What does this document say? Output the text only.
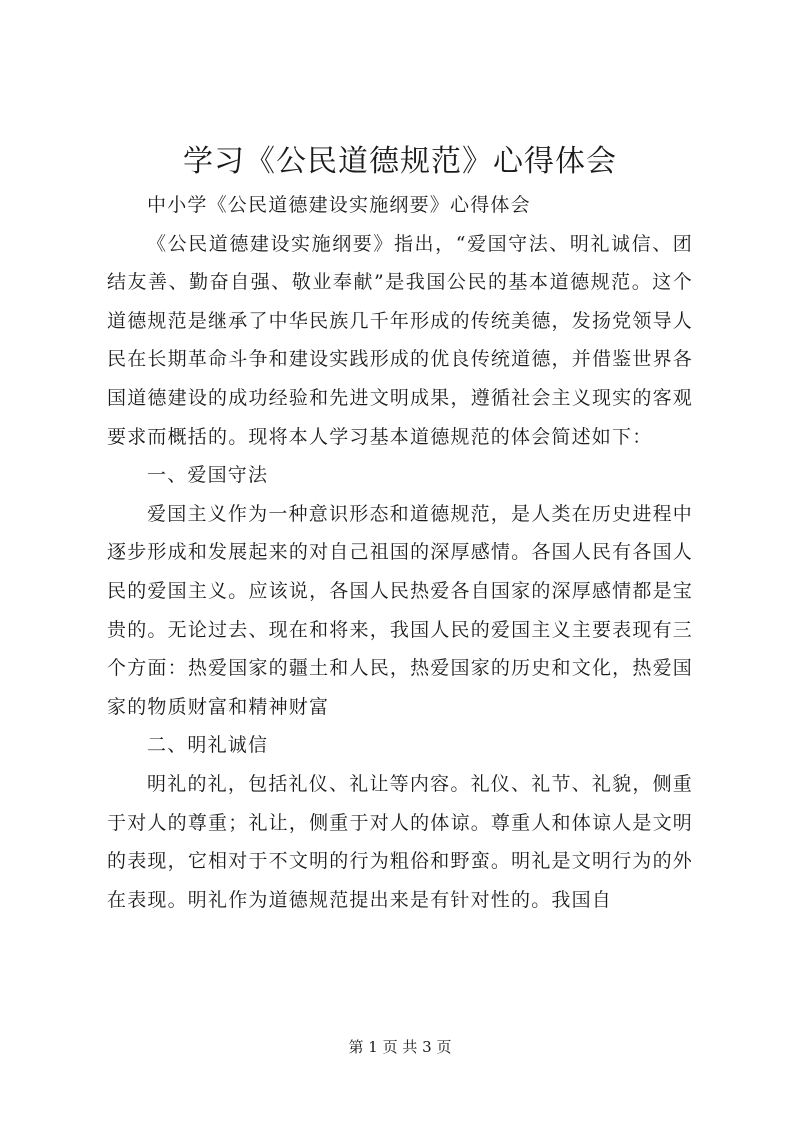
学习《公民道德规范》心得体会

中小学《公民道德建设实施纲要》心得体会

《公民道德建设实施纲要》指出，“爱国守法、明礼诚信、团结友善、勤奋自强、敬业奉献”是我国公民的基本道德规范。这个道德规范是继承了中华民族几千年形成的传统美德，发扬党领导人民在长期革命斗争和建设实践形成的优良传统道德，并借鉴世界各国道德建设的成功经验和先进文明成果，遵循社会主义现实的客观要求而概括的。现将本人学习基本道德规范的体会简述如下：

一、爱国守法

爱国主义作为一种意识形态和道德规范，是人类在历史进程中逐步形成和发展起来的对自己祖国的深厚感情。各国人民有各国人民的爱国主义。应该说，各国人民热爱各自国家的深厚感情都是宝贵的。无论过去、现在和将来，我国人民的爱国主义主要表现有三个方面：热爱国家的疆土和人民，热爱国家的历史和文化，热爱国家的物质财富和精神财富

二、明礼诚信

明礼的礼，包括礼仪、礼让等内容。礼仪、礼节、礼貌，侧重于对人的尊重；礼让，侧重于对人的体谅。尊重人和体谅人是文明的表现，它相对于不文明的行为粗俗和野蛮。明礼是文明行为的外在表现。明礼作为道德规范提出来是有针对性的。我国自

第 1 页 共 3 页
